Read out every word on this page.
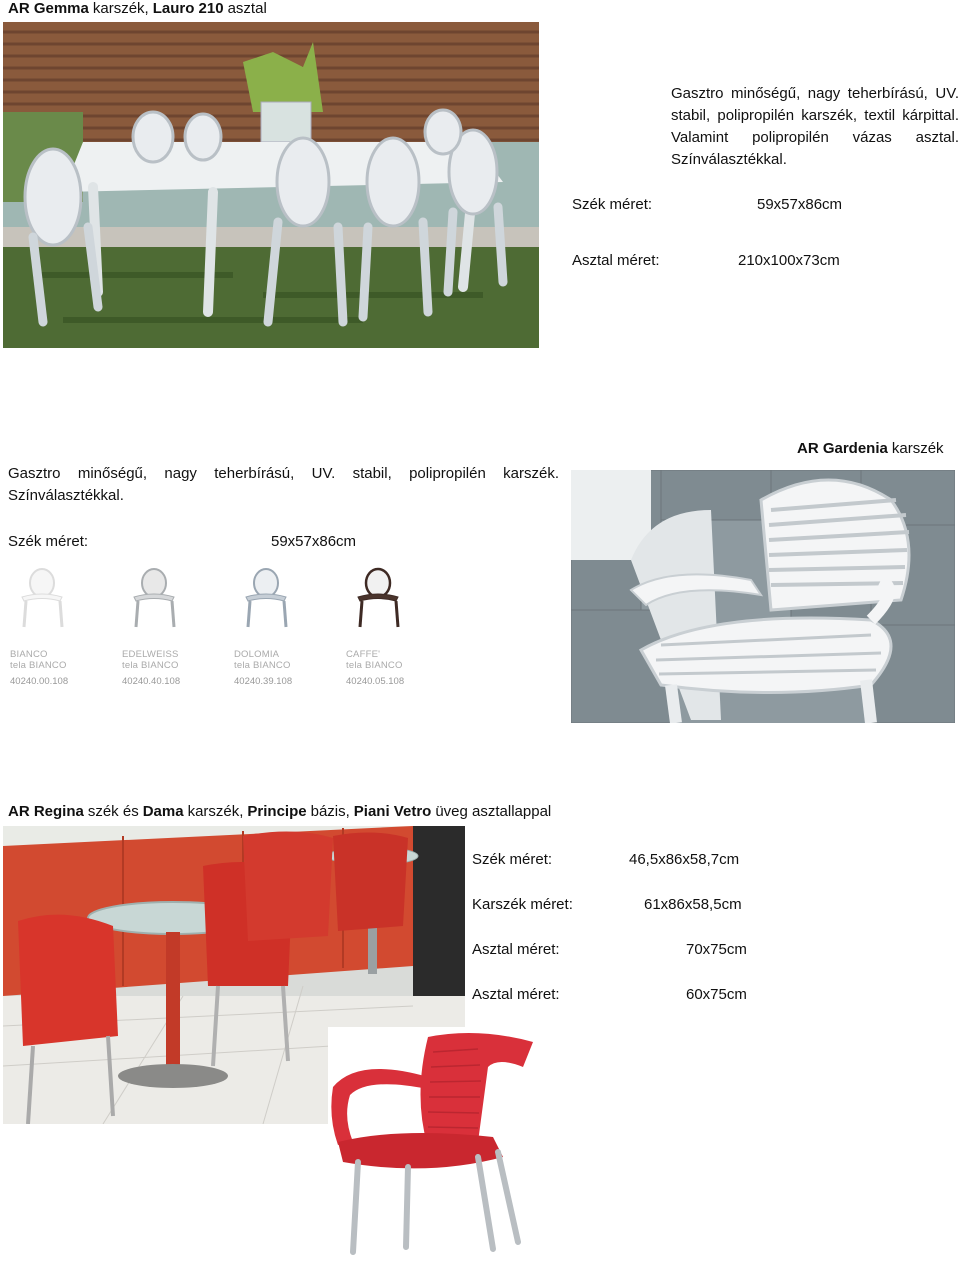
AR Gemma karszék, Lauro 210 asztal
Gasztro minőségű, nagy teherbírású, UV. stabil, polipropilén karszék, textil kárpittal. Valamint polipropilén vázas asztal. Színválasztékkal.
Szék méret:	59x57x86cm
Asztal méret:	210x100x73cm
AR Gardenia karszék
Gasztro minőségű, nagy teherbírású, UV. stabil, polipropilén karszék. Színválasztékkal.
Szék méret:	59x57x86cm
BIANCO
tela BIANCO
40240.00.108
EDELWEISS
tela BIANCO
40240.40.108
DOLOMIA
tela BIANCO
40240.39.108
CAFFE'
tela BIANCO
40240.05.108
AR Regina szék és Dama karszék, Principe bázis, Piani Vetro üveg asztallappal
Szék méret:	46,5x86x58,7cm
Karszék méret:	61x86x58,5cm
Asztal méret:	70x75cm
Asztal méret:	60x75cm
